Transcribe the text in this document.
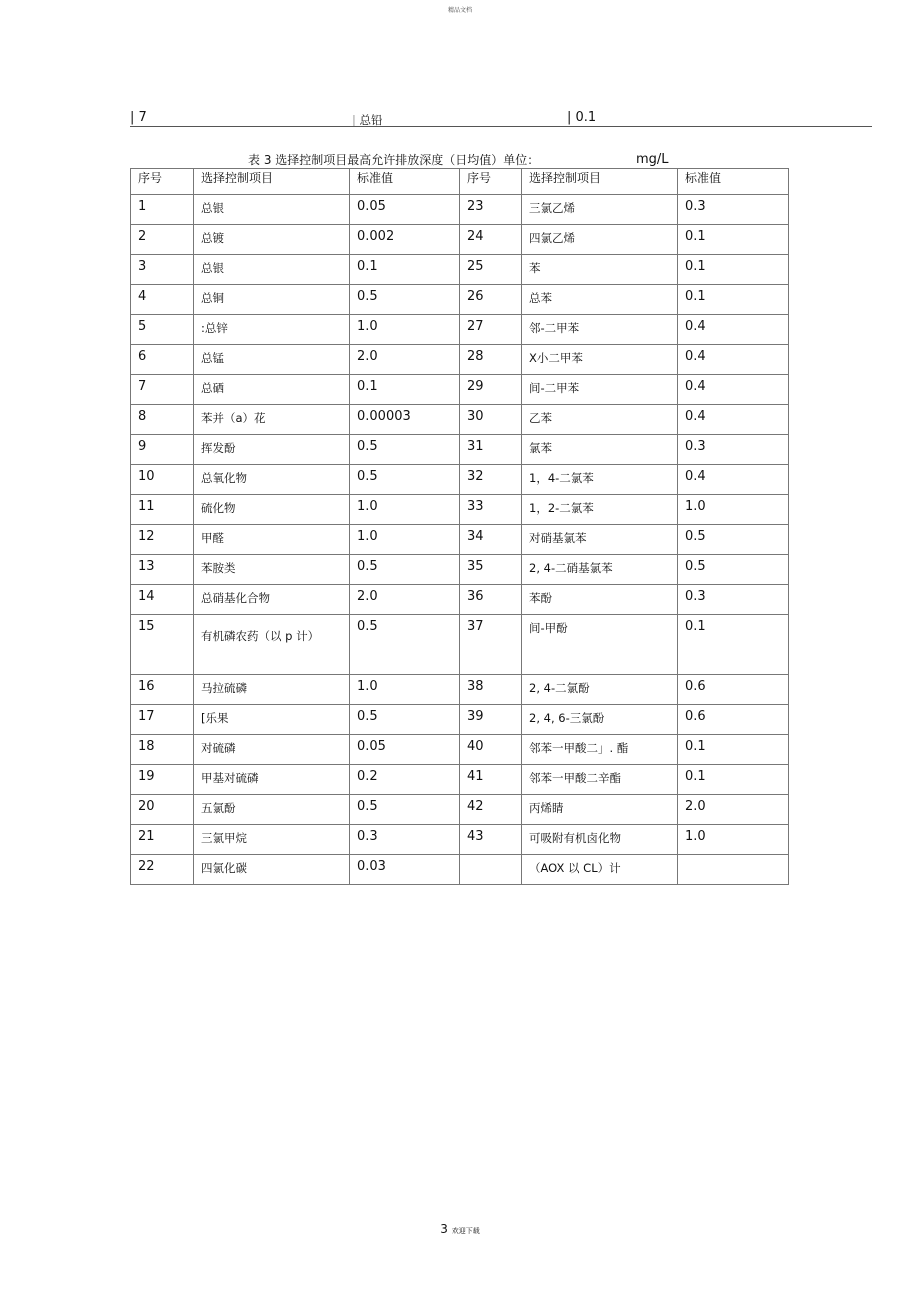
精品文档
| 7	| 总铅	| 0.1
表 3 选择控制项目最高允许排放深度（日均值）单位：	mg/L
序号	选择控制项目	标准值	序号	选择控制项目	标准值
1	总银	0.05	23	三氯乙烯	0.3
2	总镀	0.002	24	四氯乙烯	0.1
3	总银	0.1	25	苯	0.1
4	总铜	0.5	26	总苯	0.1
5	:总锌	1.0	27	邻-二甲苯	0.4
6	总锰	2.0	28	X小二甲苯	0.4
7	总硒	0.1	29	间-二甲苯	0.4
8	苯并（a）花	0.00003	30	乙苯	0.4
9	挥发酚	0.5	31	氯苯	0.3
10	总氧化物	0.5	32	1，4-二氯苯	0.4
11	硫化物	1.0	33	1，2-二氯苯	1.0
12	甲醛	1.0	34	对硝基氯苯	0.5
13	苯胺类	0.5	35	2, 4-二硝基氯苯	0.5
14	总硝基化合物	2.0	36	苯酚	0.3
15	有机磷农药（以 p 计）	0.5	37	间-甲酚	0.1
16	马拉硫磷	1.0	38	2, 4-二氯酚	0.6
17	[乐果	0.5	39	2, 4, 6-三氯酚	0.6
18	对硫磷	0.05	40	邻苯一甲酸二」. 酯	0.1
19	甲基对硫磷	0.2	41	邻苯一甲酸二辛酯	0.1
20	五氯酚	0.5	42	丙烯睛	2.0
21	三氯甲烷	0.3	43	可吸附有机卤化物	1.0
22	四氯化碳	0.03		（AOX 以 CL）计	
3 欢迎下载
